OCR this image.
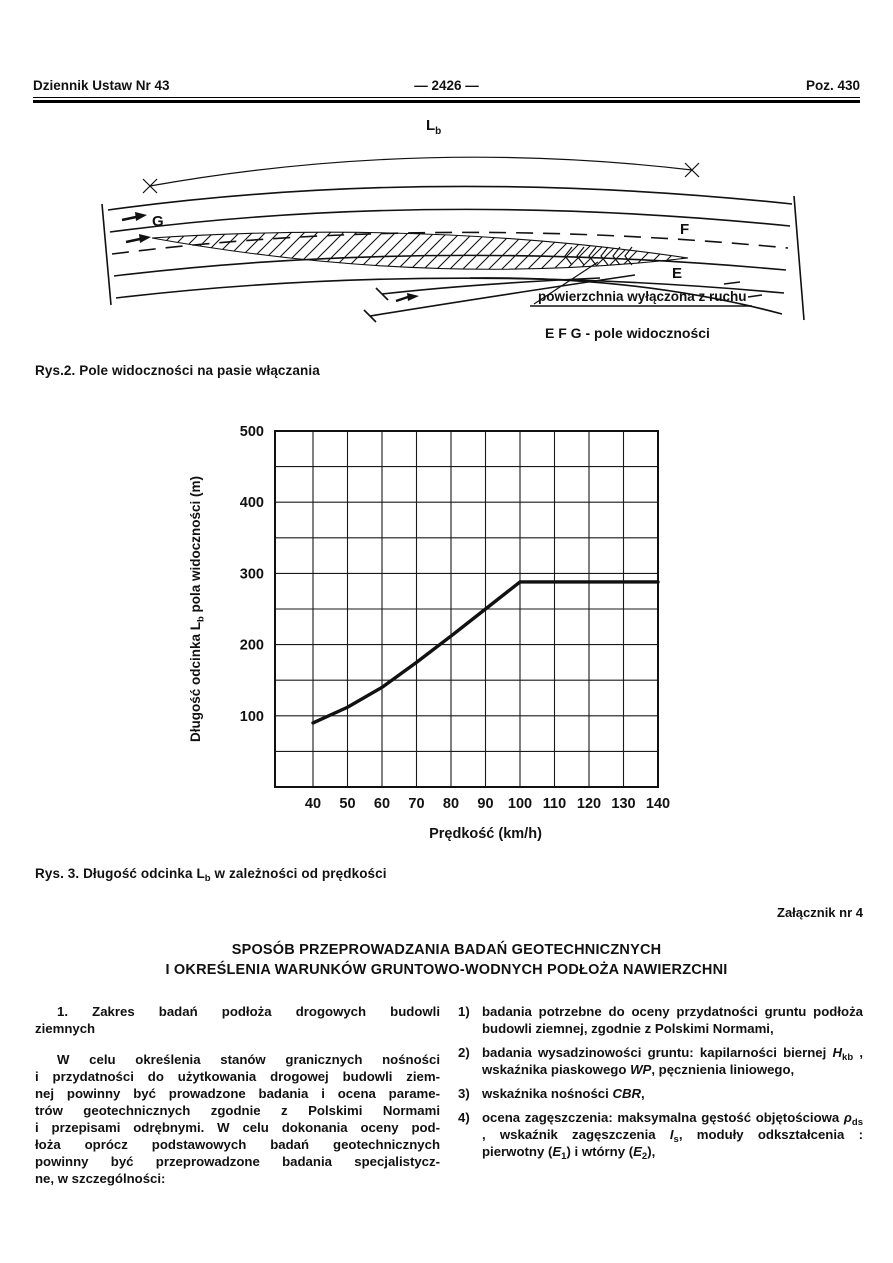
Dziennik Ustaw Nr 43	— 2426 —	Poz. 430
$L_b$
G	F
E
powierzchnia wyłączona z ruchu
E F G - pole widoczności
Rys.2. Pole widoczności na pasie włączania
100
200
300
400
500
40 50 60 70 80 90 100 110 120 130 140
Długość odcinka $L_b$ pola widoczności (m)
Prędkość (km/h)
Rys. 3. Długość odcinka $L_b$ w zależności od prędkości
Załącznik nr 4
SPOSÓB PRZEPROWADZANIA BADAŃ GEOTECHNICZNYCH
I OKREŚLENIA WARUNKÓW GRUNTOWO-WODNYCH PODŁOŻA NAWIERZCHNI
1. Zakres badań podłoża drogowych budowli
ziemnych
W celu określenia stanów granicznych nośności
i przydatności do użytkowania drogowej budowli ziem-
nej powinny być prowadzone badania i ocena parame-
trów geotechnicznych zgodnie z Polskimi Normami
i przepisami odrębnymi. W celu dokonania oceny pod-
łoża oprócz podstawowych badań geotechnicznych
powinny być przeprowadzone badania specjalistycz-
ne, w szczególności:
1) badania potrzebne do oceny przydatności gruntu podłoża budowli ziemnej, zgodnie z Polskimi Normami,
2) badania wysadzinowości gruntu: kapilarności biernej $H_{kb}$ , wskaźnika piaskowego WP, pęcznienia liniowego,
3) wskaźnika nośności CBR,
4) ocena zagęszczenia: maksymalna gęstość objętościowa $\rho_{ds}$ , wskaźnik zagęszczenia $I_s$, moduły odkształcenia : pierwotny $(E_1)$ i wtórny $(E_2)$,
